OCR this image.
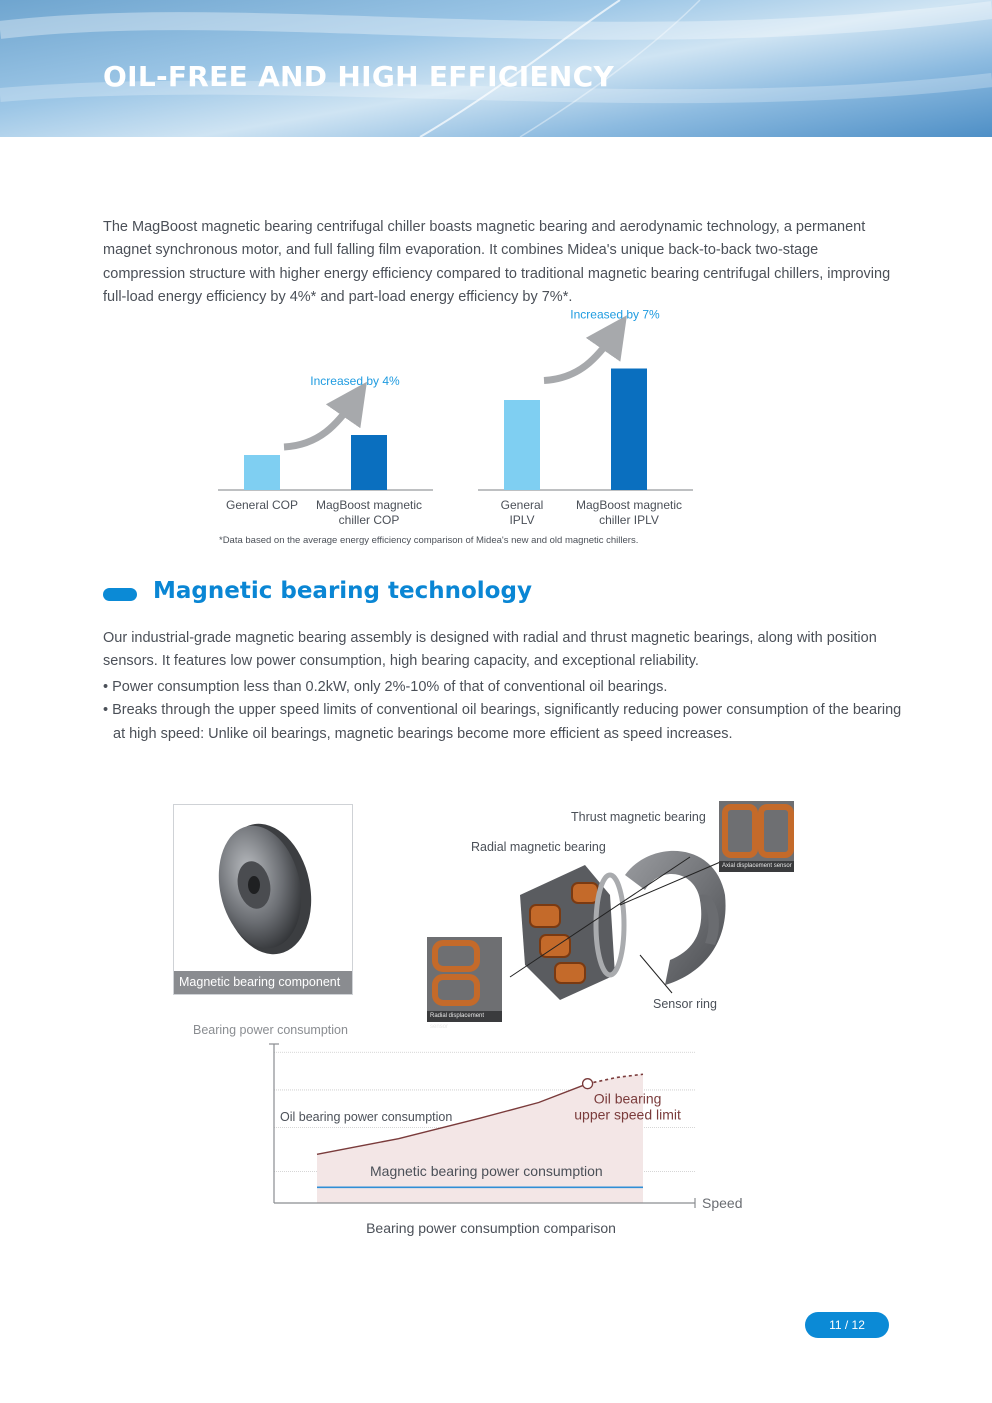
OIL-FREE AND HIGH EFFICIENCY

The MagBoost magnetic bearing centrifugal chiller boasts magnetic bearing and aerodynamic technology, a permanent magnet synchronous motor, and full falling film evaporation. It combines Midea's unique back-to-back two-stage compression structure with higher energy efficiency compared to traditional magnetic bearing centrifugal chillers, improving full-load energy efficiency by 4%* and part-load energy efficiency by 7%*.

General COP MagBoost magnetic
chiller COP
Increased by 4%
General
IPLV
MagBoost magnetic
chiller IPLV
Increased by 7%

*Data based on the average energy efficiency comparison of Midea's new and old magnetic chillers.

Magnetic bearing technology

Our industrial-grade magnetic bearing assembly is designed with radial and thrust magnetic bearings, along with position sensors. It features low power consumption, high bearing capacity, and exceptional reliability.

• Power consumption less than 0.2kW, only 2%-10% of that of conventional oil bearings.
• Breaks through the upper speed limits of conventional oil bearings, significantly reducing power consumption of the bearing at high speed: Unlike oil bearings, magnetic bearings become more efficient as speed increases.
Magnetic bearing component

Thrust magnetic bearing

Radial magnetic bearing

Sensor ring

Axial displacement sensor
Radial displacement sensor
Oil bearing
upper speed limit
Oil bearing power consumption
Magnetic bearing power consumption
Bearing power consumption
Speed
Bearing power consumption comparison
11 / 12
